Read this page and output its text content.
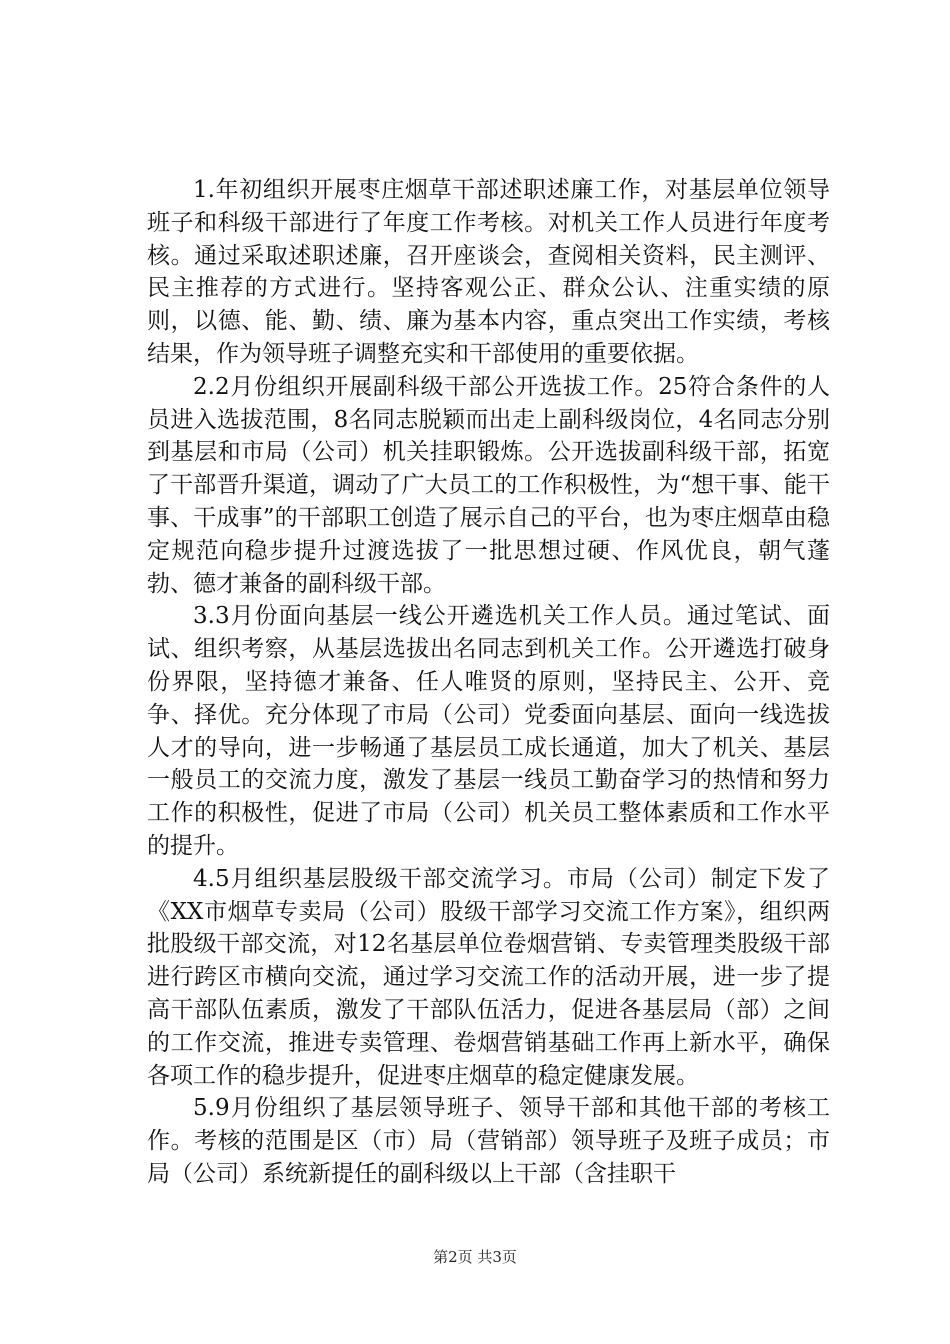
1.年初组织开展枣庄烟草干部述职述廉工作，对基层单位领导班子和科级干部进行了年度工作考核。对机关工作人员进行年度考核。通过采取述职述廉，召开座谈会，查阅相关资料，民主测评、民主推荐的方式进行。坚持客观公正、群众公认、注重实绩的原则，以德、能、勤、绩、廉为基本内容，重点突出工作实绩，考核结果，作为领导班子调整充实和干部使用的重要依据。

2.2月份组织开展副科级干部公开选拔工作。25符合条件的人员进入选拔范围，8名同志脱颖而出走上副科级岗位，4名同志分别到基层和市局（公司）机关挂职锻炼。公开选拔副科级干部，拓宽了干部晋升渠道，调动了广大员工的工作积极性，为“想干事、能干事、干成事”的干部职工创造了展示自己的平台，也为枣庄烟草由稳定规范向稳步提升过渡选拔了一批思想过硬、作风优良，朝气蓬勃、德才兼备的副科级干部。

3.3月份面向基层一线公开遴选机关工作人员。通过笔试、面试、组织考察，从基层选拔出名同志到机关工作。公开遴选打破身份界限，坚持德才兼备、任人唯贤的原则，坚持民主、公开、竞争、择优。充分体现了市局（公司）党委面向基层、面向一线选拔人才的导向，进一步畅通了基层员工成长通道，加大了机关、基层一般员工的交流力度，激发了基层一线员工勤奋学习的热情和努力工作的积极性，促进了市局（公司）机关员工整体素质和工作水平的提升。

4.5月组织基层股级干部交流学习。市局（公司）制定下发了《XX市烟草专卖局（公司）股级干部学习交流工作方案》，组织两批股级干部交流，对12名基层单位卷烟营销、专卖管理类股级干部进行跨区市横向交流，通过学习交流工作的活动开展，进一步了提高干部队伍素质，激发了干部队伍活力，促进各基层局（部）之间的工作交流，推进专卖管理、卷烟营销基础工作再上新水平，确保各项工作的稳步提升，促进枣庄烟草的稳定健康发展。

5.9月份组织了基层领导班子、领导干部和其他干部的考核工作。考核的范围是区（市）局（营销部）领导班子及班子成员；市局（公司）系统新提任的副科级以上干部（含挂职干

第2页 共3页
